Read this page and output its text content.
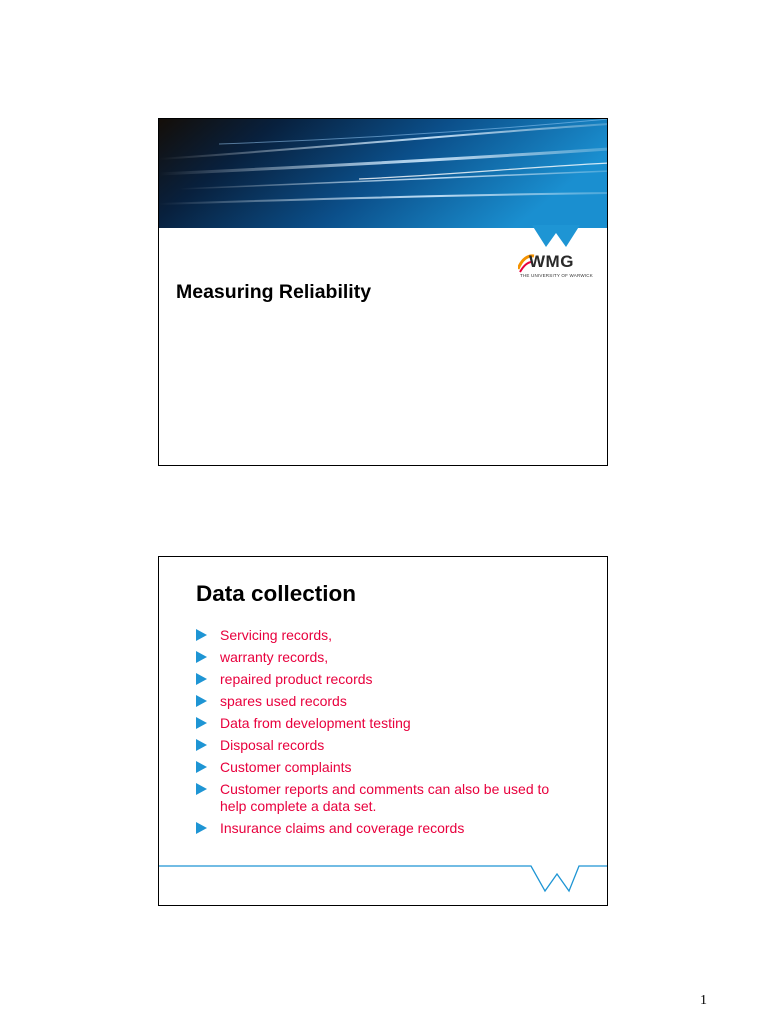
WMG
THE UNIVERSITY OF WARWICK
Measuring Reliability
Data collection
Servicing records,
warranty records,
repaired product records
spares used records
Data from development testing
Disposal records
Customer complaints
Customer reports and comments can also be used to help complete a data set.
Insurance claims and coverage records
1
